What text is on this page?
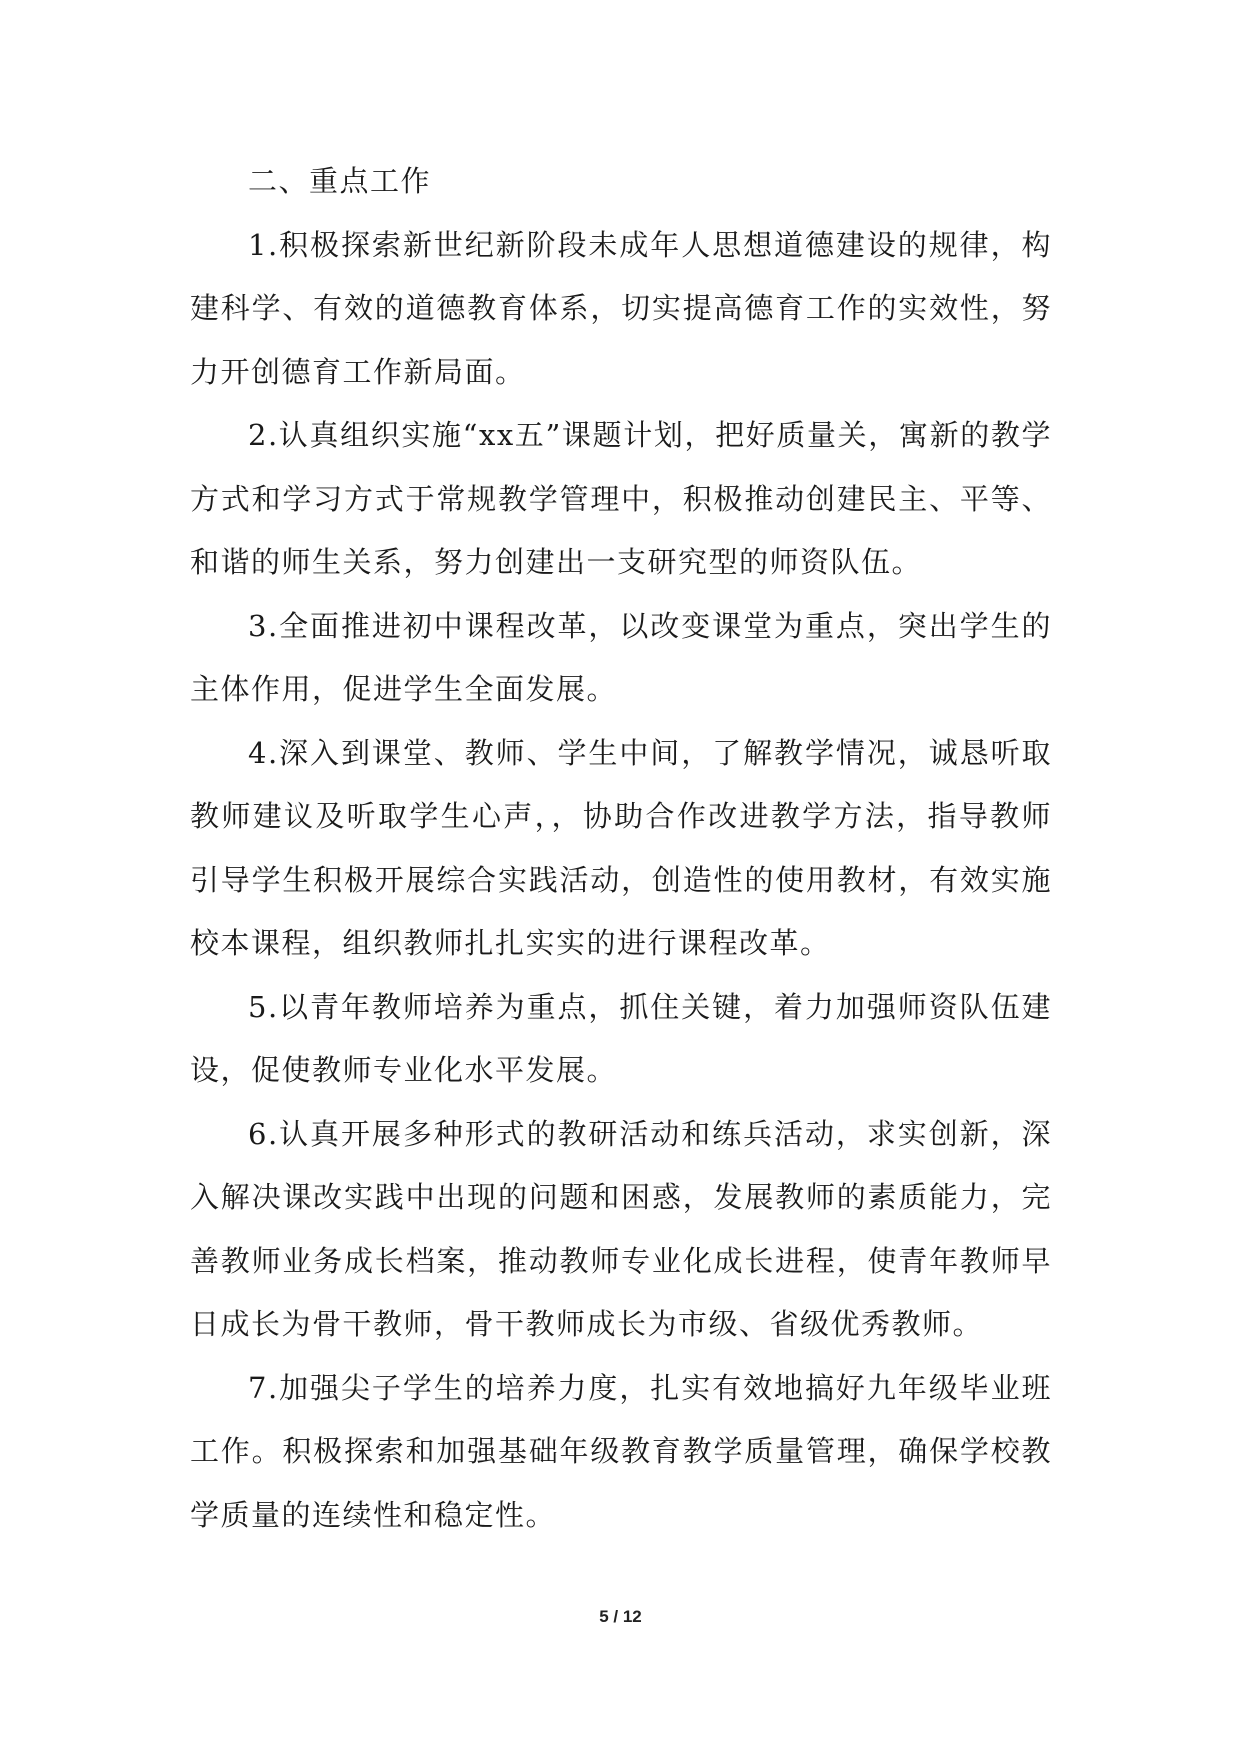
二、重点工作

1.积极探索新世纪新阶段未成年人思想道德建设的规律，构建科学、有效的道德教育体系，切实提高德育工作的实效性，努力开创德育工作新局面。

2.认真组织实施“xx五”课题计划，把好质量关，寓新的教学方式和学习方式于常规教学管理中，积极推动创建民主、平等、和谐的师生关系，努力创建出一支研究型的师资队伍。

3.全面推进初中课程改革，以改变课堂为重点，突出学生的主体作用，促进学生全面发展。

4.深入到课堂、教师、学生中间，了解教学情况，诚恳听取教师建议及听取学生心声，，协助合作改进教学方法，指导教师引导学生积极开展综合实践活动，创造性的使用教材，有效实施校本课程，组织教师扎扎实实的进行课程改革。

5.以青年教师培养为重点，抓住关键，着力加强师资队伍建设，促使教师专业化水平发展。

6.认真开展多种形式的教研活动和练兵活动，求实创新，深入解决课改实践中出现的问题和困惑，发展教师的素质能力，完善教师业务成长档案，推动教师专业化成长进程，使青年教师早日成长为骨干教师，骨干教师成长为市级、省级优秀教师。

7.加强尖子学生的培养力度，扎实有效地搞好九年级毕业班工作。积极探索和加强基础年级教育教学质量管理，确保学校教学质量的连续性和稳定性。

5 / 12
